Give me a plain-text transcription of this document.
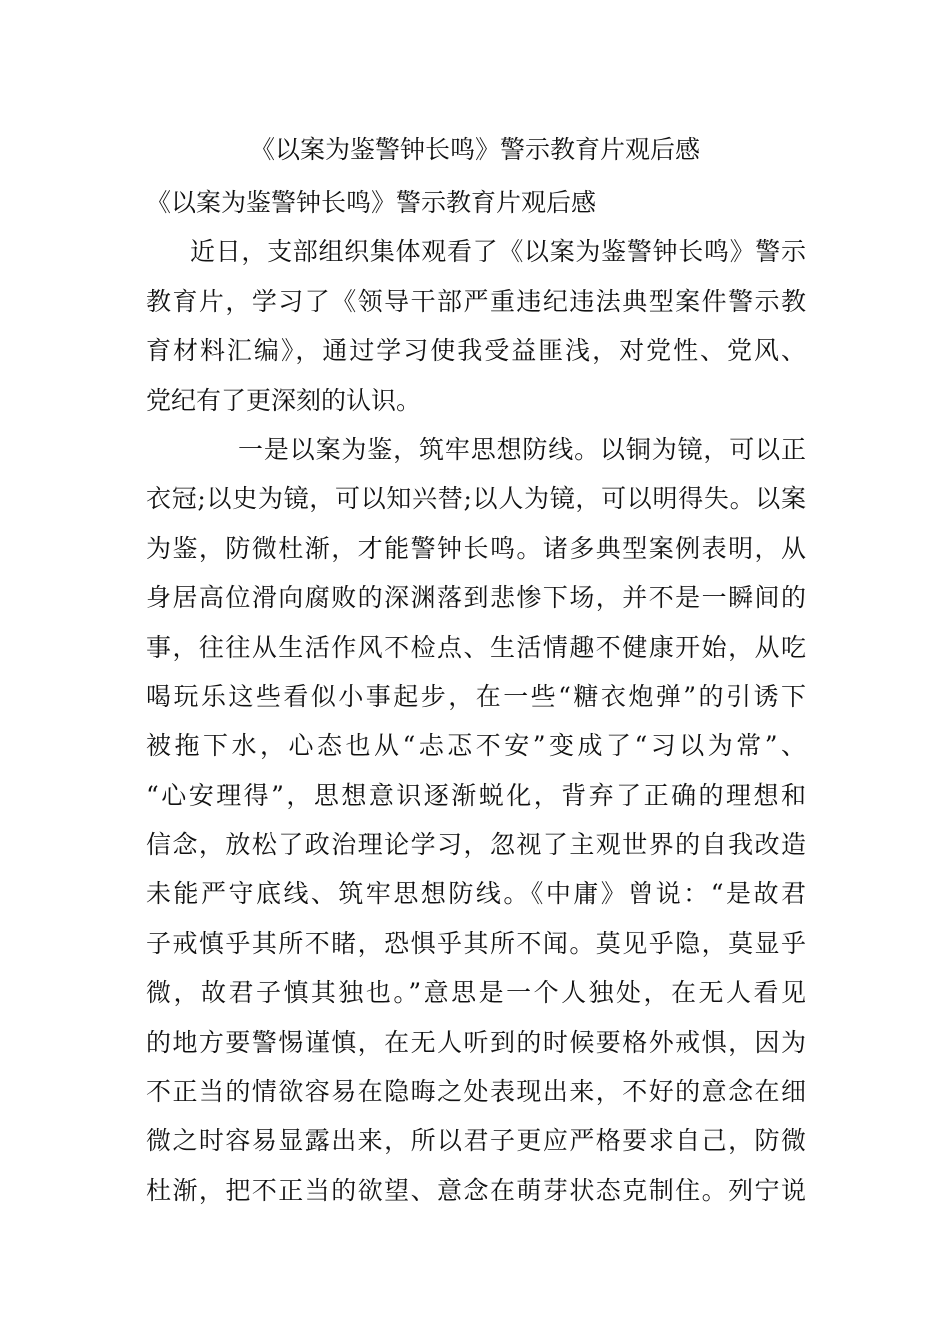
《以案为鉴警钟长鸣》警示教育片观后感
《以案为鉴警钟长鸣》警示教育片观后感
近日，支部组织集体观看了《以案为鉴警钟长鸣》警示
教育片，学习了《领导干部严重违纪违法典型案件警示教
育材料汇编》，通过学习使我受益匪浅，对党性、党风、
党纪有了更深刻的认识。
一是以案为鉴，筑牢思想防线。以铜为镜，可以正
衣冠;以史为镜，可以知兴替;以人为镜，可以明得失。以案
为鉴，防微杜渐，才能警钟长鸣。诸多典型案例表明，从
身居高位滑向腐败的深渊落到悲惨下场，并不是一瞬间的
事，往往从生活作风不检点、生活情趣不健康开始，从吃
喝玩乐这些看似小事起步，在一些“糖衣炮弹”的引诱下
被拖下水，心态也从“忐忑不安”变成了“习以为常”、
“心安理得”，思想意识逐渐蜕化，背弃了正确的理想和
信念，放松了政治理论学习，忽视了主观世界的自我改造
未能严守底线、筑牢思想防线。《中庸》曾说：“是故君
子戒慎乎其所不睹，恐惧乎其所不闻。莫见乎隐，莫显乎
微，故君子慎其独也。”意思是一个人独处，在无人看见
的地方要警惕谨慎，在无人听到的时候要格外戒惧，因为
不正当的情欲容易在隐晦之处表现出来，不好的意念在细
微之时容易显露出来，所以君子更应严格要求自己，防微
杜渐，把不正当的欲望、意念在萌芽状态克制住。列宁说
